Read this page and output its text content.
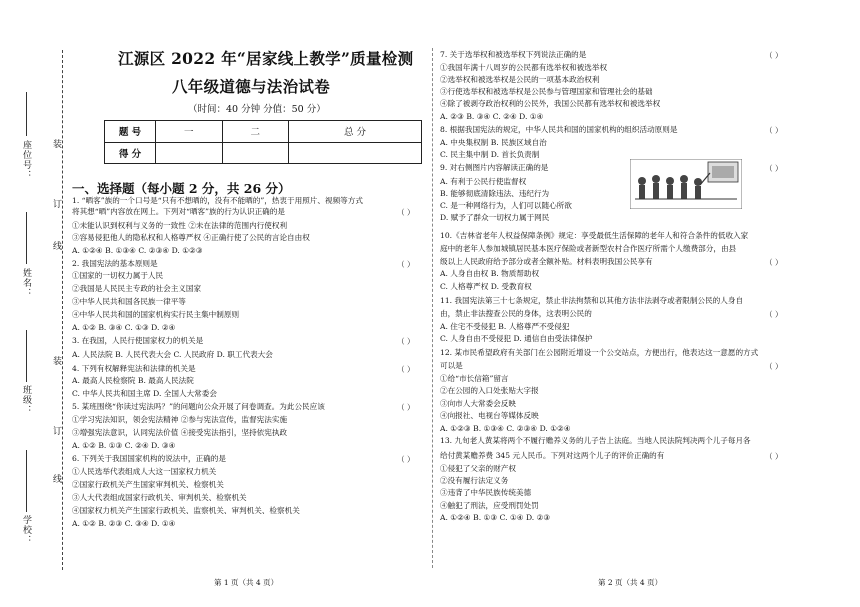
装
订
线
装
订
线
座位号：
姓名：
班级：
学校：
江源区 2022 年“居家线上教学”质量检测
八年级道德与法治试卷
（时间：40 分钟 分值：50 分）
题 号	一	二	总 分
得 分			
一、选择题（每小题 2 分，共 26 分）
1. “晒客”族的一个口号是“只有不想晒的，没有不能晒的”，热衷于用照片、视频等方式
将其想“晒”内容放在网上。下列对“晒客”族的行为认识正确的是
①未能认识到权利与义务的一致性 ②未在法律的范围内行使权利
③容易侵犯他人的隐私权和人格尊严权 ④正确行使了公民的言论自由权
A. ①②④ B. ①③④ C. ②③④ D. ①②③
2. 我国宪法的基本原则是
①国家的一切权力属于人民
②我国是人民民主专政的社会主义国家
③中华人民共和国各民族一律平等
④中华人民共和国的国家机构实行民主集中制原则
A. ①② B. ③④ C. ①③ D. ②④
3. 在我国，人民行使国家权力的机关是
A. 人民法院 B. 人民代表大会 C. 人民政府 D. 职工代表大会
4. 下列有权解释宪法和法律的机关是
A. 最高人民检察院 B. 最高人民法院
C. 中华人民共和国主席 D. 全国人大常委会
5. 某班围绕“你读过宪法吗？”的问题向公众开展了问卷调查。为此公民应该
①学习宪法知识，领会宪法精神 ②参与宪法宣传，监督宪法实施
③增强宪法意识，认同宪法价值 ④接受宪法指引，坚持依宪执政
A. ①② B. ①③ C. ②④ D. ③④
6. 下列关于我国国家机构的说法中，正确的是
①人民选举代表组成人大这一国家权力机关
②国家行政机关产生国家审判机关、检察机关
③人大代表组成国家行政机关、审判机关、检察机关
④国家权力机关产生国家行政机关、监察机关、审判机关、检察机关
A. ①② B. ②③ C. ③④ D. ①④
（ ）
（ ）
（ ）
（ ）
（ ）
（ ）
7. 关于选举权和被选举权下列说法正确的是
①我国年满十八周岁的公民都有选举权和被选举权
②选举权和被选举权是公民的一项基本政治权利
③行使选举权和被选举权是公民参与管理国家和管理社会的基础
④除了被剥夺政治权利的公民外，我国公民都有选举权和被选举权
A. ②③ B. ③④ C. ②④ D. ①④
8. 根据我国宪法的规定，中华人民共和国的国家机构的组织活动原则是
A. 中央集权制 B. 民族区域自治
C. 民主集中制 D. 首长负责制
9. 对右侧图片内容解读正确的是
A. 有利于公民行使监督权
B. 能够彻底清除违法、违纪行为
C. 是一种网络行为，人们可以随心所欲
D. 赋予了群众一切权力属于网民
10.《吉林省老年人权益保障条例》规定：享受最低生活保障的老年人和符合条件的低收入家
庭中的老年人参加城镇居民基本医疗保险或者新型农村合作医疗所需个人缴费部分，由县
级以上人民政府给予部分或者全额补贴。材料表明我国公民享有
A. 人身自由权 B. 物质帮助权
C. 人格尊严权 D. 受教育权
11. 我国宪法第三十七条规定，禁止非法拘禁和以其他方法非法剥夺或者限制公民的人身自
由，禁止非法搜查公民的身体，这表明公民的
A. 住宅不受侵犯 B. 人格尊严不受侵犯
C. 人身自由不受侵犯 D. 通信自由受法律保护
12. 某市民希望政府有关部门在公园附近增设一个公交站点，方便出行，他表达这一意愿的方式
可以是
①给“市长信箱”留言
②在公园的入口处张贴大字报
③向市人大常委会反映
④向报社、电视台等媒体反映
A. ①②③ B. ①③④ C. ②③④ D. ①②④
13. 九旬老人黄某将两个不履行赡养义务的儿子告上法庭。当地人民法院判决两个儿子每月各
给付黄某赡养费 345 元人民币。下列对这两个儿子的评价正确的有
①侵犯了父亲的财产权
②没有履行法定义务
③违背了中华民族传统美德
④触犯了刑法，应受刑罚处罚
A. ①②④ B. ①③ C. ①④ D. ②③
（ ）
（ ）
（ ）
（ ）
（ ）
（ ）
（ ）
第 1 页（共 4 页）	第 2 页（共 4 页）
